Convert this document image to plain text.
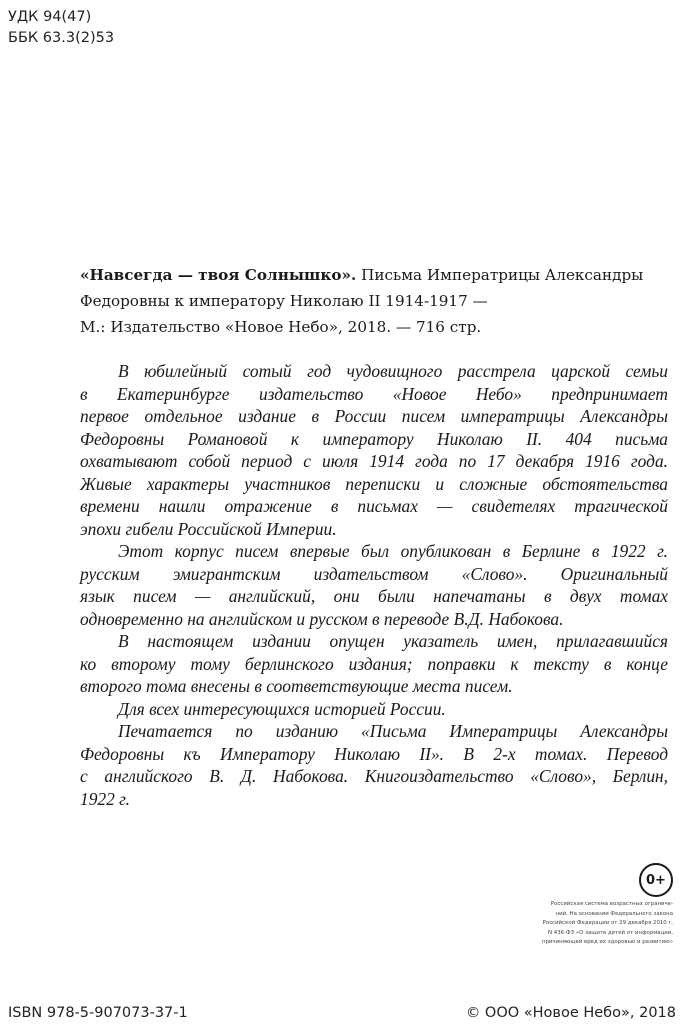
УДК 94(47)
ББК 63.3(2)53
«Навсегда — твоя Солнышко». Письма Императрицы Александры
Федоровны к императору Николаю II 1914-1917 —
М.: Издательство «Новое Небо», 2018. — 716 стр.
В юбилейный сотый год чудовищного расстрела царской семьи
в Екатеринбурге издательство «Новое Небо» предпринимает
первое отдельное издание в России писем императрицы Александры
Федоровны Романовой к императору Николаю II. 404 письма
охватывают собой период с июля 1914 года по 17 декабря 1916 года.
Живые характеры участников переписки и сложные обстоятельства
времени нашли отражение в письмах — свидетелях трагической
эпохи гибели Российской Империи.
Этот корпус писем впервые был опубликован в Берлине в 1922 г.
русским эмигрантским издательством «Слово». Оригинальный
язык писем — английский, они были напечатаны в двух томах
одновременно на английском и русском в переводе В.Д. Набокова.
В настоящем издании опущен указатель имен, прилагавшийся
ко второму тому берлинского издания; поправки к тексту в конце
второго тома внесены в соответствующие места писем.
Для всех интересующихся историей России.
Печатается по изданию «Письма Императрицы Александры
Федоровны къ Императору Николаю II». В 2-х томах. Перевод
с английского В. Д. Набокова. Книгоиздательство «Слово», Берлин,
1922 г.
0+
Российская система возрастных ограниче-
ний. На основании Федерального закона
Российской Федерации от 29 декабря 2010 г.
N 436-ФЗ «О защите детей от информации,
причиняющей вред их здоровью и развитию»
ISBN 978-5-907073-37-1	© ООО «Новое Небо», 2018
